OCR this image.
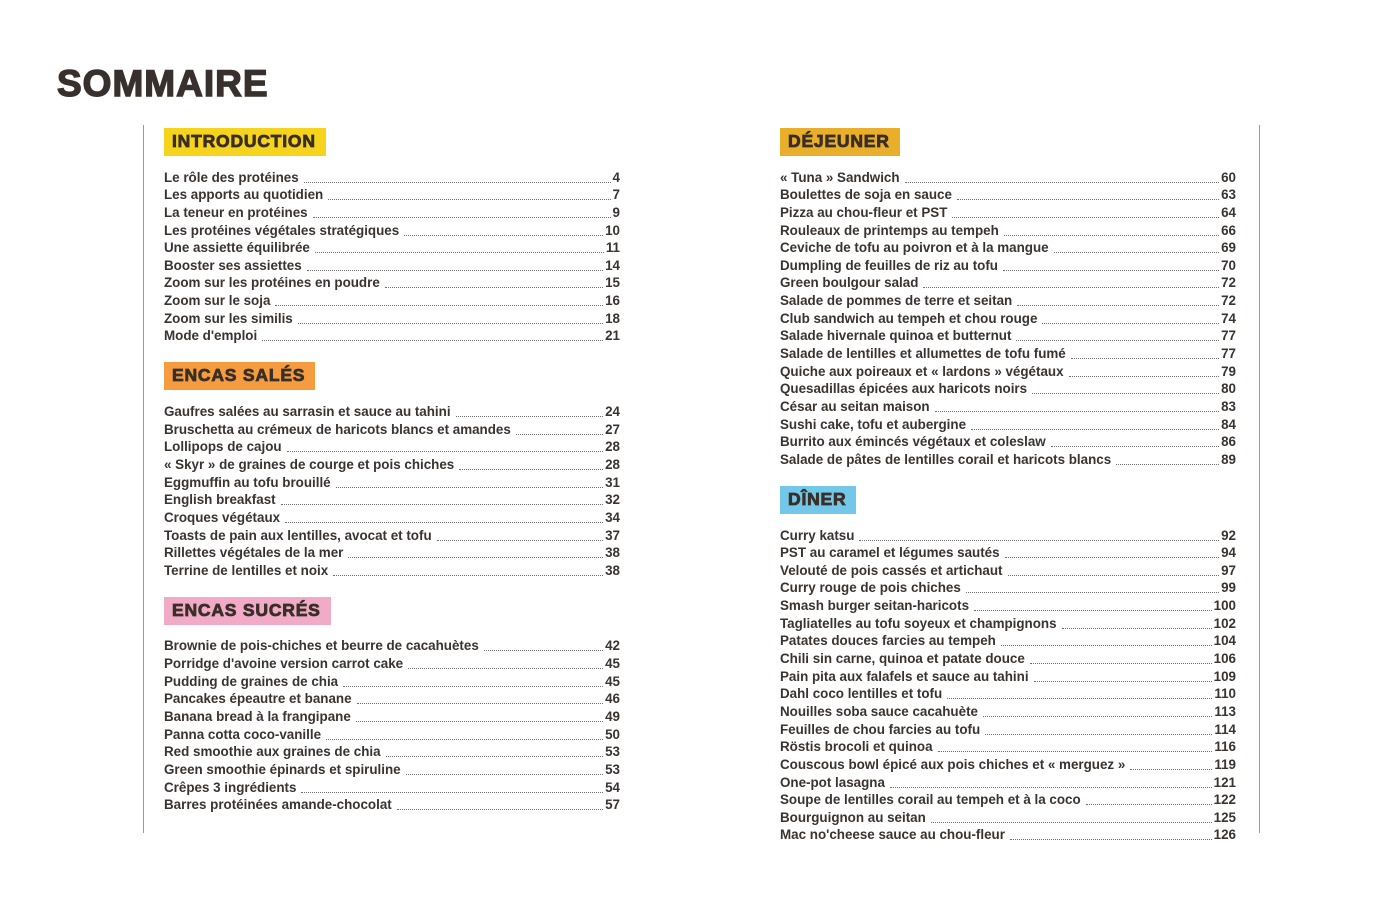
SOMMAIRE
INTRODUCTION
Le rôle des protéines	4
Les apports au quotidien	7
La teneur en protéines	9
Les protéines végétales stratégiques	10
Une assiette équilibrée	11
Booster ses assiettes	14
Zoom sur les protéines en poudre	15
Zoom sur le soja	16
Zoom sur les similis	18
Mode d'emploi	21
ENCAS SALÉS
Gaufres salées au sarrasin et sauce au tahini	24
Bruschetta au crémeux de haricots blancs et amandes	27
Lollipops de cajou	28
« Skyr » de graines de courge et pois chiches	28
Eggmuffin au tofu brouillé	31
English breakfast	32
Croques végétaux	34
Toasts de pain aux lentilles, avocat et tofu	37
Rillettes végétales de la mer	38
Terrine de lentilles et noix	38
ENCAS SUCRÉS
Brownie de pois-chiches et beurre de cacahuètes	42
Porridge d'avoine version carrot cake	45
Pudding de graines de chia	45
Pancakes épeautre et banane	46
Banana bread à la frangipane	49
Panna cotta coco-vanille	50
Red smoothie aux graines de chia	53
Green smoothie épinards et spiruline	53
Crêpes 3 ingrédients	54
Barres protéinées amande-chocolat	57
DÉJEUNER
« Tuna » Sandwich	60
Boulettes de soja en sauce	63
Pizza au chou-fleur et PST	64
Rouleaux de printemps au tempeh	66
Ceviche de tofu au poivron et à la mangue	69
Dumpling de feuilles de riz au tofu	70
Green boulgour salad	72
Salade de pommes de terre et seitan	72
Club sandwich au tempeh et chou rouge	74
Salade hivernale quinoa et butternut	77
Salade de lentilles et allumettes de tofu fumé	77
Quiche aux poireaux et « lardons » végétaux	79
Quesadillas épicées aux haricots noirs	80
César au seitan maison	83
Sushi cake, tofu et aubergine	84
Burrito aux émincés végétaux et coleslaw	86
Salade de pâtes de lentilles corail et haricots blancs	89
DÎNER
Curry katsu	92
PST au caramel et légumes sautés	94
Velouté de pois cassés et artichaut	97
Curry rouge de pois chiches	99
Smash burger seitan-haricots	100
Tagliatelles au tofu soyeux et champignons	102
Patates douces farcies au tempeh	104
Chili sin carne, quinoa et patate douce	106
Pain pita aux falafels et sauce au tahini	109
Dahl coco lentilles et tofu	110
Nouilles soba sauce cacahuète	113
Feuilles de chou farcies au tofu	114
Röstis brocoli et quinoa	116
Couscous bowl épicé aux pois chiches et « merguez »	119
One-pot lasagna	121
Soupe de lentilles corail au tempeh et à la coco	122
Bourguignon au seitan	125
Mac no'cheese sauce au chou-fleur	126
